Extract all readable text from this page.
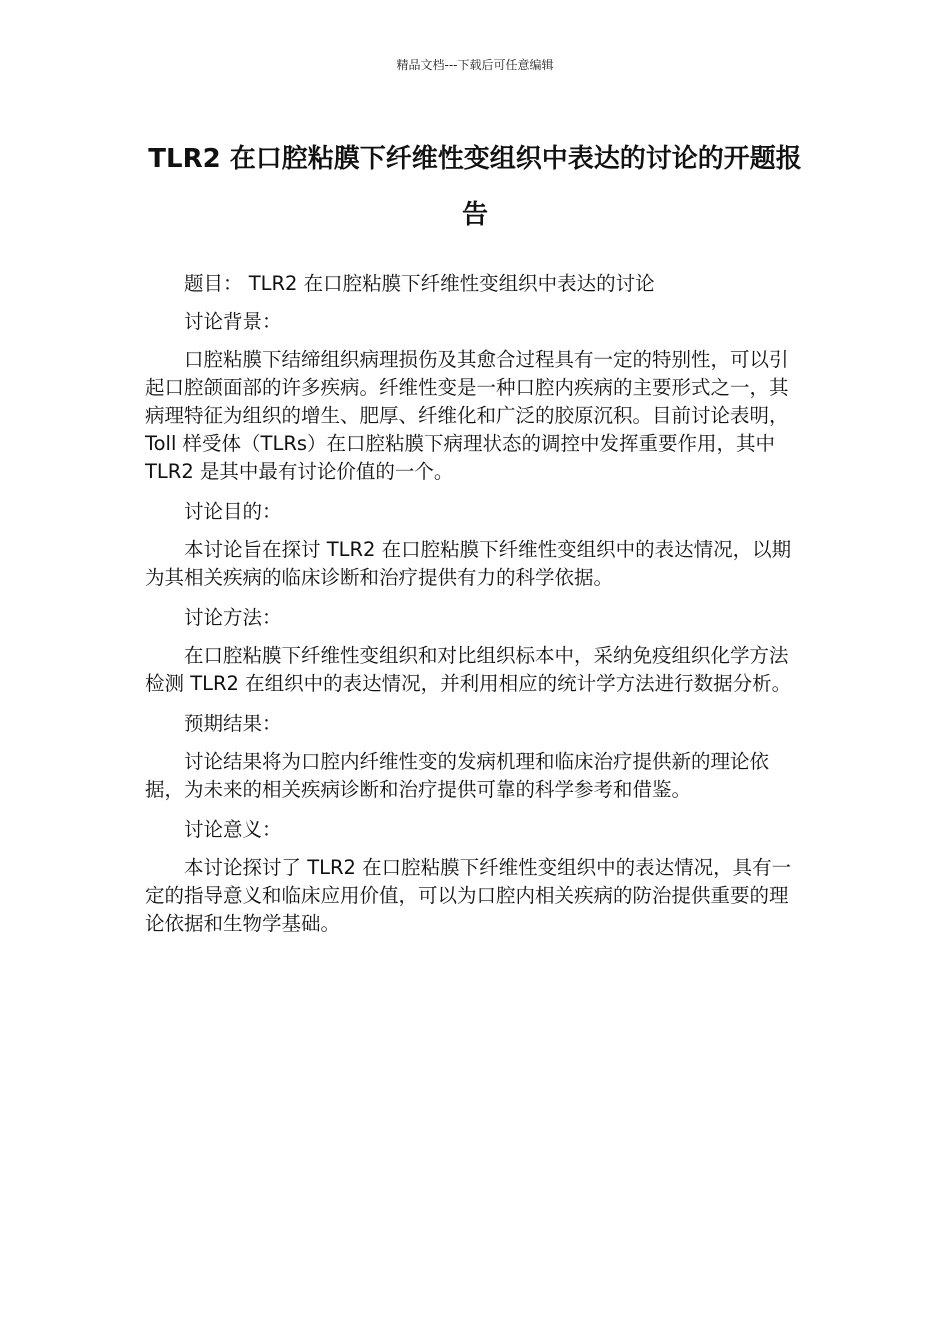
精品文档---下载后可任意编辑
TLR2 在口腔粘膜下纤维性变组织中表达的讨论的开题报告

题目： TLR2 在口腔粘膜下纤维性变组织中表达的讨论

讨论背景：

口腔粘膜下结缔组织病理损伤及其愈合过程具有一定的特别性，可以引起口腔颌面部的许多疾病。纤维性变是一种口腔内疾病的主要形式之一，其病理特征为组织的增生、肥厚、纤维化和广泛的胶原沉积。目前讨论表明，Toll 样受体（TLRs）在口腔粘膜下病理状态的调控中发挥重要作用，其中 TLR2 是其中最有讨论价值的一个。

讨论目的：

本讨论旨在探讨 TLR2 在口腔粘膜下纤维性变组织中的表达情况，以期为其相关疾病的临床诊断和治疗提供有力的科学依据。

讨论方法：

在口腔粘膜下纤维性变组织和对比组织标本中，采纳免疫组织化学方法检测 TLR2 在组织中的表达情况，并利用相应的统计学方法进行数据分析。

预期结果：

讨论结果将为口腔内纤维性变的发病机理和临床治疗提供新的理论依据，为未来的相关疾病诊断和治疗提供可靠的科学参考和借鉴。

讨论意义：

本讨论探讨了 TLR2 在口腔粘膜下纤维性变组织中的表达情况，具有一定的指导意义和临床应用价值，可以为口腔内相关疾病的防治提供重要的理论依据和生物学基础。
